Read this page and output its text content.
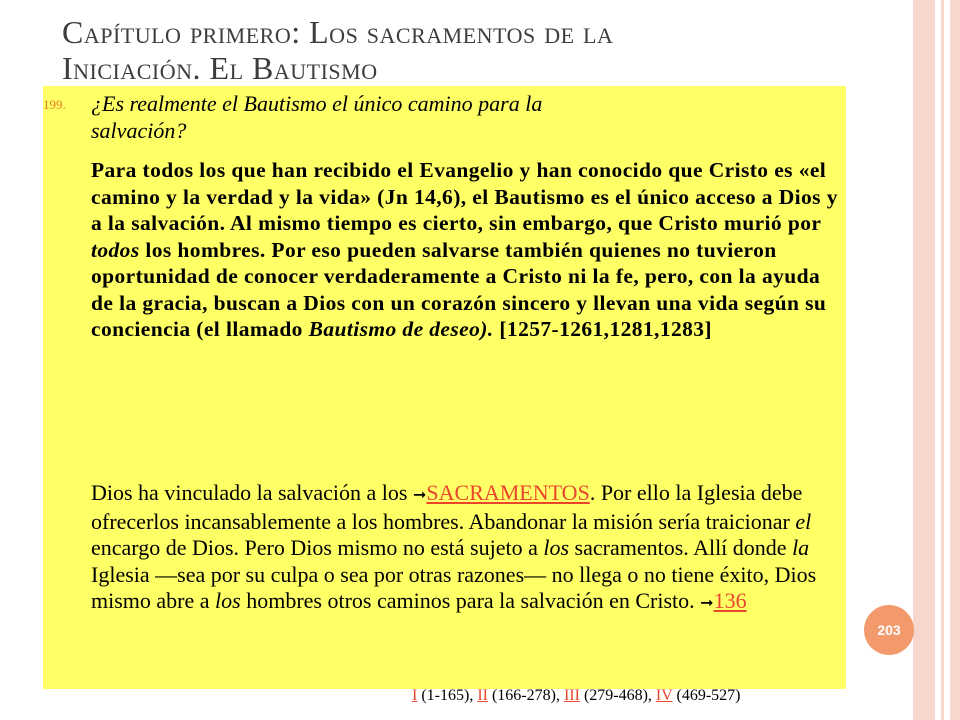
Capítulo primero: Los sacramentos de la
Iniciación. El Bautismo
199. ¿Es realmente el Bautismo el único camino para la
salvación?
Para todos los que han recibido el Evangelio y han conocido que Cristo es «el camino y la verdad y la vida» (Jn 14,6), el Bautismo es el único acceso a Dios y a la salvación. Al mismo tiempo es cierto, sin embargo, que Cristo murió por todos los hombres. Por eso pueden salvarse también quienes no tuvieron oportunidad de conocer verdaderamente a Cristo ni la fe, pero, con la ayuda de la gracia, buscan a Dios con un corazón sincero y llevan una vida según su conciencia (el llamado Bautismo de deseo). [1257-1261,1281,1283]
Dios ha vinculado la salvación a los ➞SACRAMENTOS. Por ello la Iglesia debe ofrecerlos incansablemente a los hombres. Abandonar la misión sería traicionar el encargo de Dios. Pero Dios mismo no está sujeto a los sacramentos. Allí donde la Iglesia —sea por su culpa o sea por otras razones— no llega o no tiene éxito, Dios mismo abre a los hombres otros caminos para la salvación en Cristo. ➞136
203
I (1-165), II (166-278), III (279-468), IV (469-527)
